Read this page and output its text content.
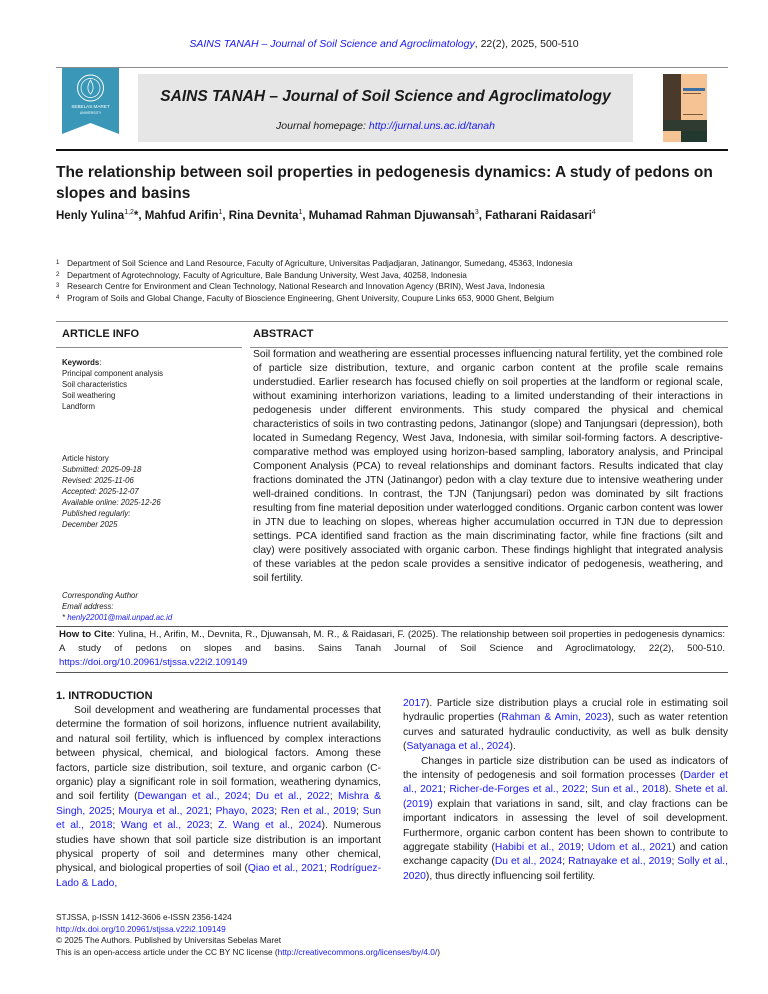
SAINS TANAH – Journal of Soil Science and Agroclimatology, 22(2), 2025, 500-510
SEBELAS MARET
UNIVERSITY
SAINS TANAH – Journal of Soil Science and Agroclimatology
Journal homepage: http://jurnal.uns.ac.id/tanah
The relationship between soil properties in pedogenesis dynamics: A study of pedons on slopes and basins
Henly Yulina$^{1,2}$*, Mahfud Arifin$^1$, Rina Devnita$^1$, Muhamad Rahman Djuwansah$^3$, Fatharani Raidasari$^4$
1 Department of Soil Science and Land Resource, Faculty of Agriculture, Universitas Padjadjaran, Jatinangor, Sumedang, 45363, Indonesia
2 Department of Agrotechnology, Faculty of Agriculture, Bale Bandung University, West Java, 40258, Indonesia
3 Research Centre for Environment and Clean Technology, National Research and Innovation Agency (BRIN), West Java, Indonesia
4 Program of Soils and Global Change, Faculty of Bioscience Engineering, Ghent University, Coupure Links 653, 9000 Ghent, Belgium
ARTICLE INFO	ABSTRACT
Keywords:
Principal component analysis
Soil characteristics
Soil weathering
Landform
Article history
Submitted: 2025-09-18
Revised: 2025-11-06
Accepted: 2025-12-07
Available online: 2025-12-26
Published regularly:
December 2025
Corresponding Author
Email address:
* henly22001@mail.unpad.ac.id

Soil formation and weathering are essential processes influencing natural fertility, yet the combined role of particle size distribution, texture, and organic carbon content at the profile scale remains understudied. Earlier research has focused chiefly on soil properties at the landform or regional scale, without examining interhorizon variations, leading to a limited understanding of their interactions in pedogenesis under different environments. This study compared the physical and chemical characteristics of soils in two contrasting pedons, Jatinangor (slope) and Tanjungsari (depression), both located in Sumedang Regency, West Java, Indonesia, with similar soil-forming factors. A descriptive-comparative method was employed using horizon-based sampling, laboratory analysis, and Principal Component Analysis (PCA) to reveal relationships and dominant factors. Results indicated that clay fractions dominated the JTN (Jatinangor) pedon with a clay texture due to intensive weathering under well-drained conditions. In contrast, the TJN (Tanjungsari) pedon was dominated by silt fractions resulting from fine material deposition under waterlogged conditions. Organic carbon content was lower in JTN due to leaching on slopes, whereas higher accumulation occurred in TJN due to depression settings. PCA identified sand fraction as the main discriminating factor, while fine fractions (silt and clay) were positively associated with organic carbon. These findings highlight that integrated analysis of these variables at the pedon scale provides a sensitive indicator of pedogenesis, weathering, and soil fertility.

How to Cite: Yulina, H., Arifin, M., Devnita, R., Djuwansah, M. R., & Raidasari, F. (2025). The relationship between soil properties in pedogenesis dynamics: A study of pedons on slopes and basins. Sains Tanah Journal of Soil Science and Agroclimatology, 22(2), 500-510. https://doi.org/10.20961/stjssa.v22i2.109149
1. INTRODUCTION

Soil development and weathering are fundamental processes that determine the formation of soil horizons, influence nutrient availability, and natural soil fertility, which is influenced by complex interactions between physical, chemical, and biological factors. Among these factors, particle size distribution, soil texture, and organic carbon (C-organic) play a significant role in soil formation, weathering dynamics, and soil fertility (Dewangan et al., 2024; Du et al., 2022; Mishra & Singh, 2025; Mourya et al., 2021; Phayo, 2023; Ren et al., 2019; Sun et al., 2018; Wang et al., 2023; Z. Wang et al., 2024). Numerous studies have shown that soil particle size distribution is an important physical property of soil and determines many other chemical, physical, and biological properties of soil (Qiao et al., 2021; Rodríguez-Lado & Lado,

2017). Particle size distribution plays a crucial role in estimating soil hydraulic properties (Rahman & Amin, 2023), such as water retention curves and saturated hydraulic conductivity, as well as bulk density (Satyanaga et al., 2024).

Changes in particle size distribution can be used as indicators of the intensity of pedogenesis and soil formation processes (Darder et al., 2021; Richer-de-Forges et al., 2022; Sun et al., 2018). Shete et al. (2019) explain that variations in sand, silt, and clay fractions can be important indicators in assessing the level of soil development. Furthermore, organic carbon content has been shown to contribute to aggregate stability (Habibi et al., 2019; Udom et al., 2021) and cation exchange capacity (Du et al., 2024; Ratnayake et al., 2019; Solly et al., 2020), thus directly influencing soil fertility.

STJSSA, p-ISSN 1412-3606 e-ISSN 2356-1424
http://dx.doi.org/10.20961/stjssa.v22i2.109149
© 2025 The Authors. Published by Universitas Sebelas Maret
This is an open-access article under the CC BY NC license (http://creativecommons.org/licenses/by/4.0/)
